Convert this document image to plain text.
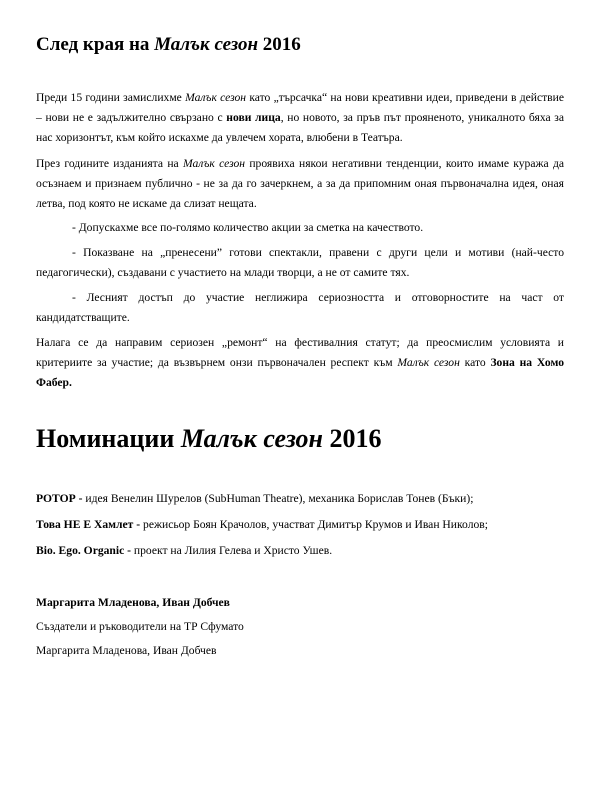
След края на Малък сезон 2016

Преди 15 години замислихме Малък сезон като „търсачка“ на нови креативни идеи, приведени в действие – нови не е задължително свързано с нови лица, но новото, за пръв път прояненото, уникалното бяха за нас хоризонтът, към който искахме да увлечем хората, влюбени в Театъра.

През годините изданията на Малък сезон проявиха някои негативни тенденции, които имаме куража да осъзнаем и признаем публично - не за да го зачеркнем, а за да припомним оная първоначална идея, оная летва, под която не искаме да слизат нещата.

- Допускахме все по-голямо количество акции за сметка на качеството.

- Показване на „пренесени” готови спектакли, правени с други цели и мотиви (най-често педагогически), създавани с участието на млади творци, а не от самите тях.

- Лесният достъп до участие неглижира сериозността и отговорностите на част от кандидатстващите.

Налага се да направим сериозен „ремонт“ на фестивалния статут; да преосмислим условията и критериите за участие; да възвърнем онзи първоначален респект към Малък сезон като Зона на Хомо Фабер.

Номинации Малък сезон 2016

РОТОР - идея Венелин Шурелов (SubHuman Theatre), механика Борислав Тонев (Бъки);

Това НЕ Е Хамлет - режисьор Боян Крачолов, участват Димитър Крумов и Иван Николов;

Bio. Ego. Organic - проект на Лилия Гелева и Христо Ушев.

Маргарита Младенова, Иван Добчев

Създатели и ръководители на ТР Сфумато

Маргарита Младенова, Иван Добчев
